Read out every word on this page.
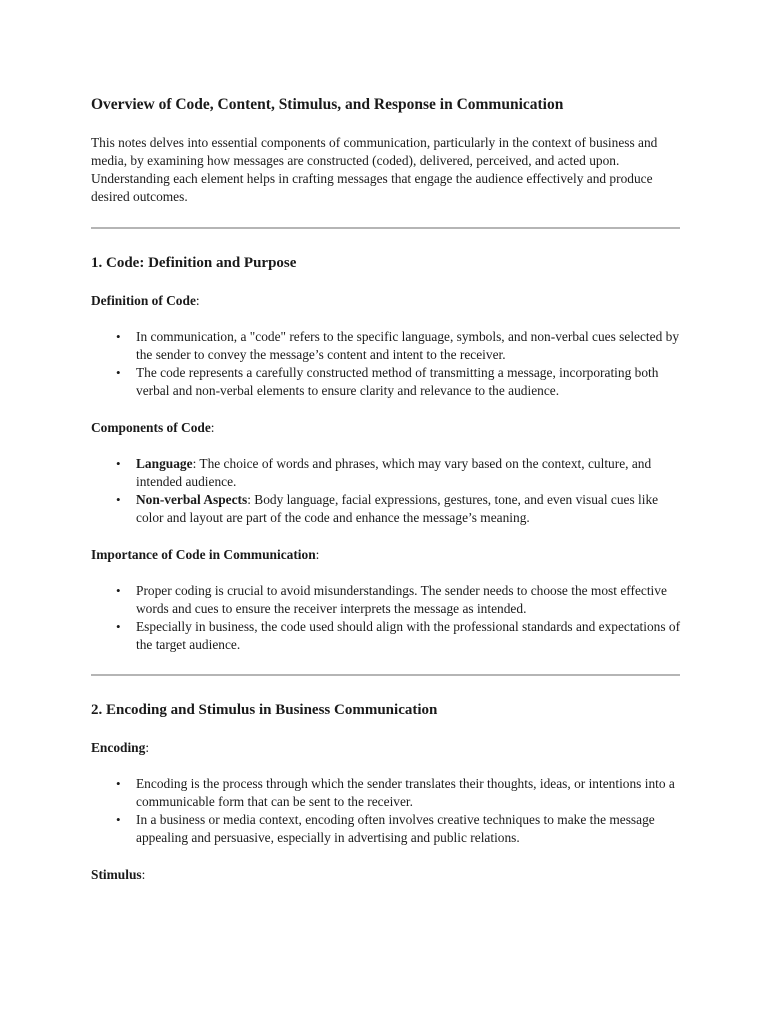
Overview of Code, Content, Stimulus, and Response in Communication

This notes delves into essential components of communication, particularly in the context of business and media, by examining how messages are constructed (coded), delivered, perceived, and acted upon. Understanding each element helps in crafting messages that engage the audience effectively and produce desired outcomes.

1. Code: Definition and Purpose

Definition of Code:

• In communication, a "code" refers to the specific language, symbols, and non-verbal cues selected by the sender to convey the message’s content and intent to the receiver.
• The code represents a carefully constructed method of transmitting a message, incorporating both verbal and non-verbal elements to ensure clarity and relevance to the audience.

Components of Code:

• Language: The choice of words and phrases, which may vary based on the context, culture, and intended audience.
• Non-verbal Aspects: Body language, facial expressions, gestures, tone, and even visual cues like color and layout are part of the code and enhance the message’s meaning.

Importance of Code in Communication:

• Proper coding is crucial to avoid misunderstandings. The sender needs to choose the most effective words and cues to ensure the receiver interprets the message as intended.
• Especially in business, the code used should align with the professional standards and expectations of the target audience.
2. Encoding and Stimulus in Business Communication

Encoding:

• Encoding is the process through which the sender translates their thoughts, ideas, or intentions into a communicable form that can be sent to the receiver.
• In a business or media context, encoding often involves creative techniques to make the message appealing and persuasive, especially in advertising and public relations.

Stimulus:
